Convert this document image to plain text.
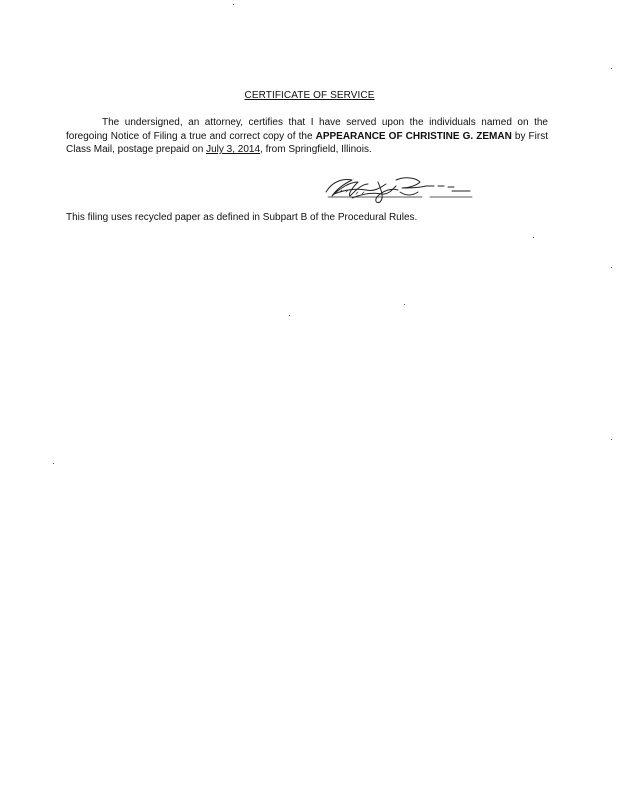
CERTIFICATE OF SERVICE
The undersigned, an attorney, certifies that I have served upon the individuals named on the foregoing Notice of Filing a true and correct copy of the APPEARANCE OF CHRISTINE G. ZEMAN by First Class Mail, postage prepaid on July 3, 2014, from Springfield, Illinois.
This filing uses recycled paper as defined in Subpart B of the Procedural Rules.
